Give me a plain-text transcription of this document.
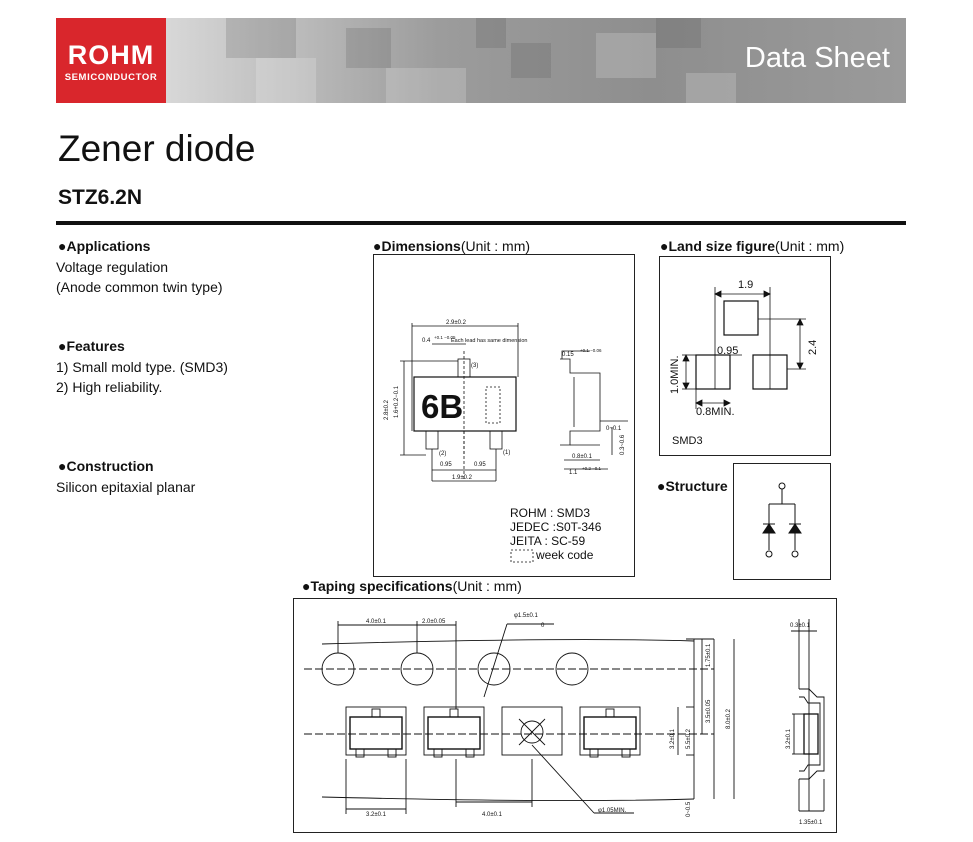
ROHM
SEMICONDUCTOR
Data Sheet
Zener diode
STZ6.2N
●Applications
Voltage regulation
(Anode common twin type)
●Features
1) Small mold type. (SMD3)
2) High reliability.
●Construction
Silicon epitaxial planar
●Dimensions(Unit : mm)
6B
2.9±0.2
0.4
+0.1 −0.05
Each lead has same dimension
(3)
(2)	(1)
0.95	0.95
1.9±0.2
0.15
+0.1 −0.06
0~0.1
0.8±0.1
1.1
+0.2 −0.1
2.8±0.2 1.6+0.2−0.1
0.3~0.6
ROHM : SMD3
JEDEC :S0T-346
JEITA : SC-59
week code
●Land size figure(Unit : mm)
1.9
0.95
0.8MIN.
2.4
1.0MIN.
SMD3
●Structure
●Taping specifications(Unit : mm)
4.0±0.1	2.0±0.05
φ1.5±0.1
0
3.2±0.1	4.0±0.1
φ1.05MIN.
0.3±0.1
1.35±0.1
1.75±0.1
3.5±0.05
5.5±0.2
3.2±0.1
8.0±0.2
0~0.5
3.2±0.1
